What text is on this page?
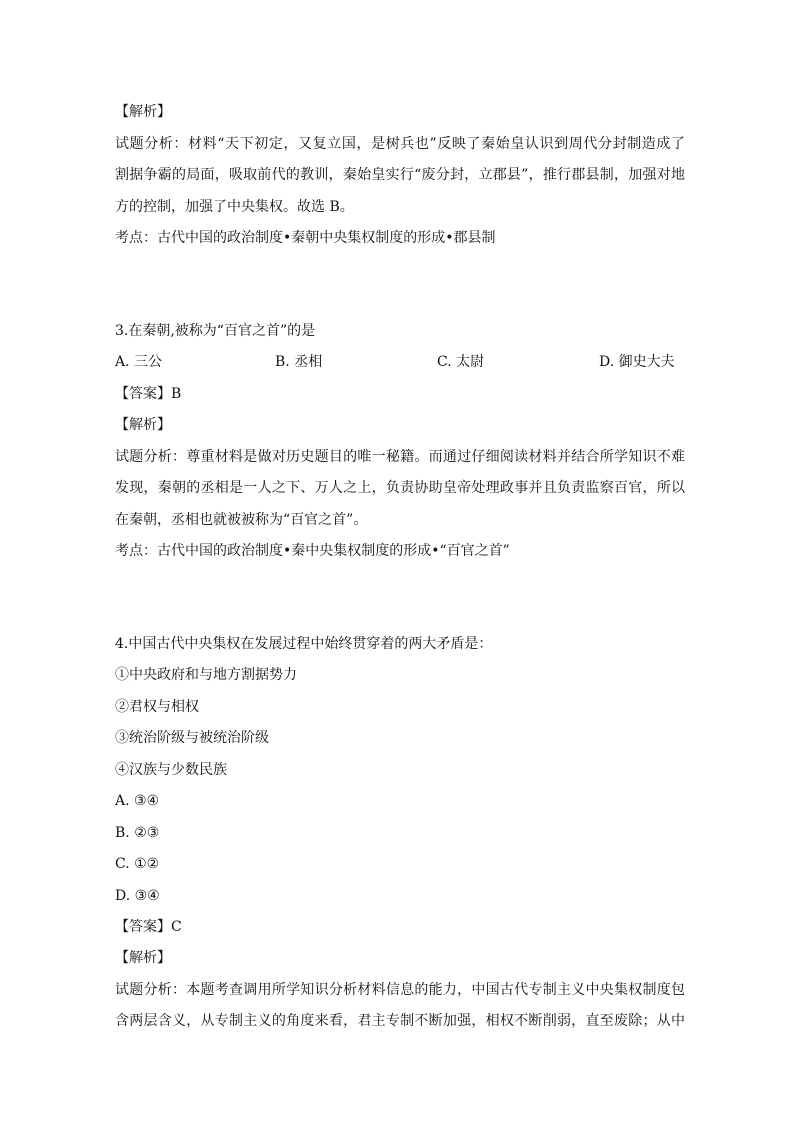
【解析】
试题分析：材料“天下初定，又复立国，是树兵也”反映了秦始皇认识到周代分封制造成了
割据争霸的局面，吸取前代的教训，秦始皇实行“废分封，立郡县”，推行郡县制，加强对地
方的控制，加强了中央集权。故选 B。
考点：古代中国的政治制度•秦朝中央集权制度的形成•郡县制
3.在秦朝,被称为“百官之首”的是
A. 三公	B. 丞相	C. 太尉	D. 御史大夫
【答案】B
【解析】
试题分析：尊重材料是做对历史题目的唯一秘籍。而通过仔细阅读材料并结合所学知识不难
发现，秦朝的丞相是一人之下、万人之上，负责协助皇帝处理政事并且负责监察百官，所以
在秦朝，丞相也就被被称为“百官之首”。
考点：古代中国的政治制度•秦中央集权制度的形成•“百官之首”
4.中国古代中央集权在发展过程中始终贯穿着的两大矛盾是：
①中央政府和与地方割据势力
②君权与相权
③统治阶级与被统治阶级
④汉族与少数民族
A. ③④
B. ②③
C. ①②
D. ③④
【答案】C
【解析】
试题分析：本题考查调用所学知识分析材料信息的能力，中国古代专制主义中央集权制度包
含两层含义，从专制主义的角度来看，君主专制不断加强，相权不断削弱，直至废除；从中
